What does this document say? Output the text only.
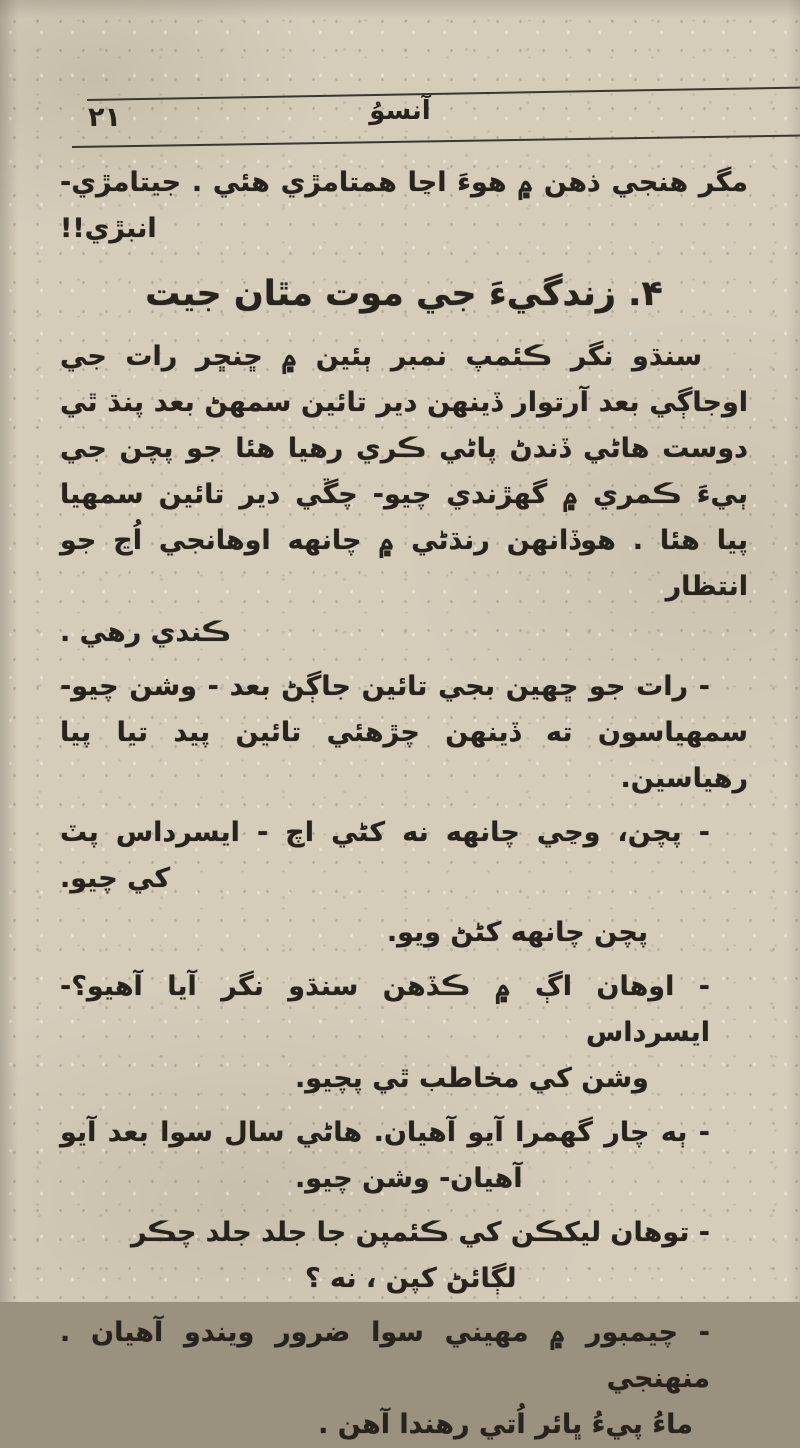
۲۱	آنسوُ

مگر هنجي ذهن ۾ هوءَ اڃا همتامڙي هئي . جيتامڙي-

انبڙي!!

۴. زندگيءَ جي موت مٿان جيت

سنڌو نگر ڪئمپ نمبر ٻئين ۾ ڇنڇر رات جي

اوجاڳي بعد آرتوار ڏينهن دير تائين سمهڻ بعد پنڌ ٿي

دوست هاڻي ڏندڻ پاڻي ڪري رهيا هئا جو پچن جي

ٻيءَ ڪمري ۾ گهڙندي چيو- چڱي دير تائين سمهيا

پيا هئا . هوڏانهن رنڌڻي ۾ چانهه اوهانجي اُڃ جو انتظار

ڪندي رهي .

- رات جو ڇهين بجي تائين جاڳڻ بعد - وشن چيو-

سمهياسون ته ڏينهن چڙهئي تائين پيد تيا پيا رهياسين.

- پچن، وڃي چانهه نه کڻي اچ - ايسرداس پٽ

کي چيو.

پچن چانهه کڻڻ ويو.

- اوهان اڳ ۾ ڪڏهن سنڌو نگر آيا آهيو؟- ايسرداس

وشن کي مخاطب ٿي پچيو.

- ٻه چار گهمرا آيو آهيان. هاڻي سال سوا بعد آيو

آهيان- وشن چيو.

- توهان ليکڪن کي ڪئمپن جا جلد جلد چڪر

لڳائڻ کپن ، نه ؟

- چيمبور ۾ مهيني سوا ضرور ويندو آهيان . منهنجي

ماءُ پيءُ ڀائر اُتي رهندا آهن .
